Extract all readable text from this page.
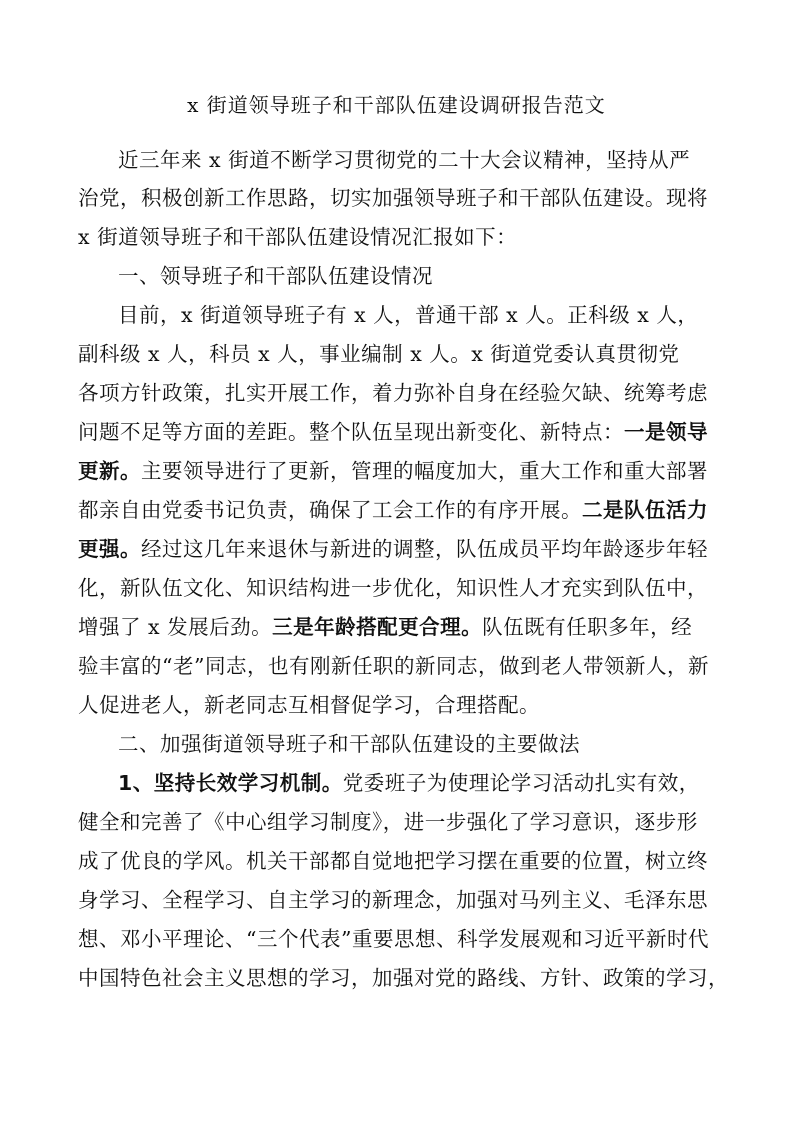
x 街道领导班子和干部队伍建设调研报告范文
近三年来 x 街道不断学习贯彻党的二十大会议精神，坚持从严
治党，积极创新工作思路，切实加强领导班子和干部队伍建设。现将
x 街道领导班子和干部队伍建设情况汇报如下：
一、领导班子和干部队伍建设情况
目前，x 街道领导班子有 x 人，普通干部 x 人。正科级 x 人，
副科级 x 人，科员 x 人，事业编制 x 人。x 街道党委认真贯彻党
各项方针政策，扎实开展工作，着力弥补自身在经验欠缺、统筹考虑
问题不足等方面的差距。整个队伍呈现出新变化、新特点：一是领导
更新。主要领导进行了更新，管理的幅度加大，重大工作和重大部署
都亲自由党委书记负责，确保了工会工作的有序开展。二是队伍活力
更强。经过这几年来退休与新进的调整，队伍成员平均年龄逐步年轻
化，新队伍文化、知识结构进一步优化，知识性人才充实到队伍中，
增强了 x 发展后劲。三是年龄搭配更合理。队伍既有任职多年，经
验丰富的“老”同志，也有刚新任职的新同志，做到老人带领新人，新
人促进老人，新老同志互相督促学习，合理搭配。
二、加强街道领导班子和干部队伍建设的主要做法
1、坚持长效学习机制。党委班子为使理论学习活动扎实有效，
健全和完善了《中心组学习制度》，进一步强化了学习意识，逐步形
成了优良的学风。机关干部都自觉地把学习摆在重要的位置，树立终
身学习、全程学习、自主学习的新理念，加强对马列主义、毛泽东思
想、邓小平理论、“三个代表”重要思想、科学发展观和习近平新时代
中国特色社会主义思想的学习，加强对党的路线、方针、政策的学习，
